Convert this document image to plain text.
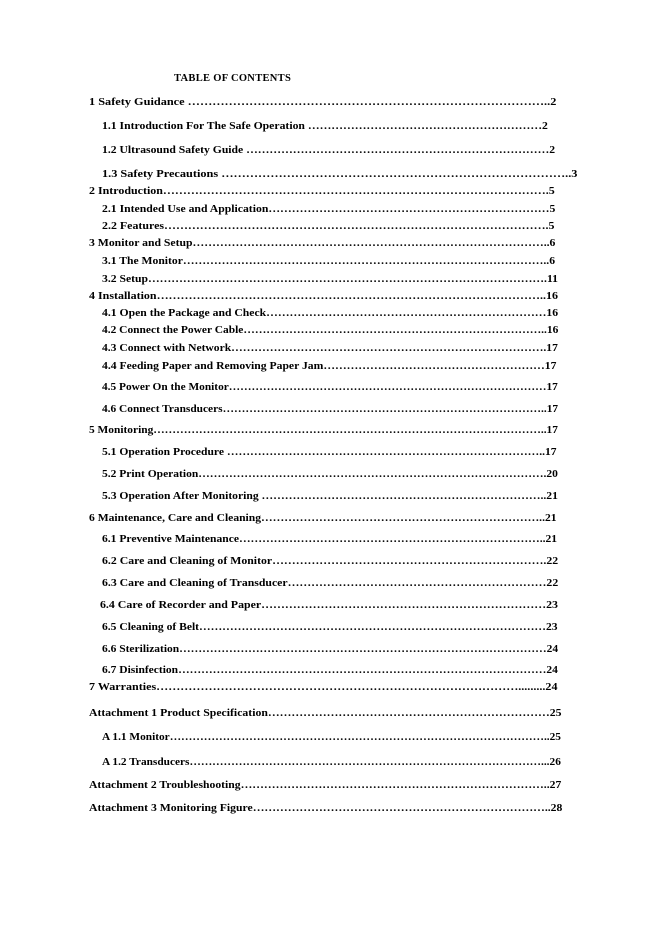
TABLE OF CONTENTS
1 Safety Guidance ……………………………………………………………………………..2
1.1 Introduction For The Safe Operation ……………………………………………………2
1.2 Ultrasound Safety Guide ……………………………………………………………………2
1.3 Safety Precautions …………………………………………………………………………..3
2 Introduction…………………………………………………………………………………….5
2.1 Intended Use and Application………………………………………………………………5
2.2 Features…………………………………………………………………………………….5
3 Monitor and Setup………………………………………………………………………………..6
3.1 The Monitor…………………………………………………………………………………..6
3.2 Setup………………………………………………………………………………………….11
4 Installation……………………………………………………………………………………..16
4.1 Open the Package and Check………………………………………………………………16
4.2 Connect the Power Cable……………………………………………………………………..16
4.3 Connect with Network……………………………………………………………………….17
4.4 Feeding Paper and Removing Paper Jam…………………………………………………17
4.5 Power On the Monitor…………………………………………………………………………17
4.6 Connect Transducers…………………………………………………………………………..17
5 Monitoring…………………………………………………………………………………………..17
5.1 Operation Procedure ………………………………………………………………………..17
5.2 Print Operation……………………………………………………………………………….20
5.3 Operation After Monitoring ………………………………………………………………..21
6 Maintenance, Care and Cleaning………………………………………………………………..21
6.1 Preventive Maintenance……………………………………………………………………..21
6.2 Care and Cleaning of Monitor…………………………………………………………….22
6.3 Care and Cleaning of Transducer…………………………………………………………22
6.4 Care of Recorder and Paper………………………………………………………………23
6.5 Cleaning of Belt………………………………………………………………………………23
6.6 Sterilization……………………………………………………………………………………24
6.7 Disinfection……………………………………………………………………………………24
7 Warranties……………………………………………………………………………….........24
Attachment 1 Product Specification………………………………………………………………25
A 1.1 Monitor………………………………………………………………………………………..25
A 1.2 Transducers…………………………………………………………………………………...26
Attachment 2 Troubleshooting……………………………………………………………………..27
Attachment 3 Monitoring Figure…………………………………………………………………..28
